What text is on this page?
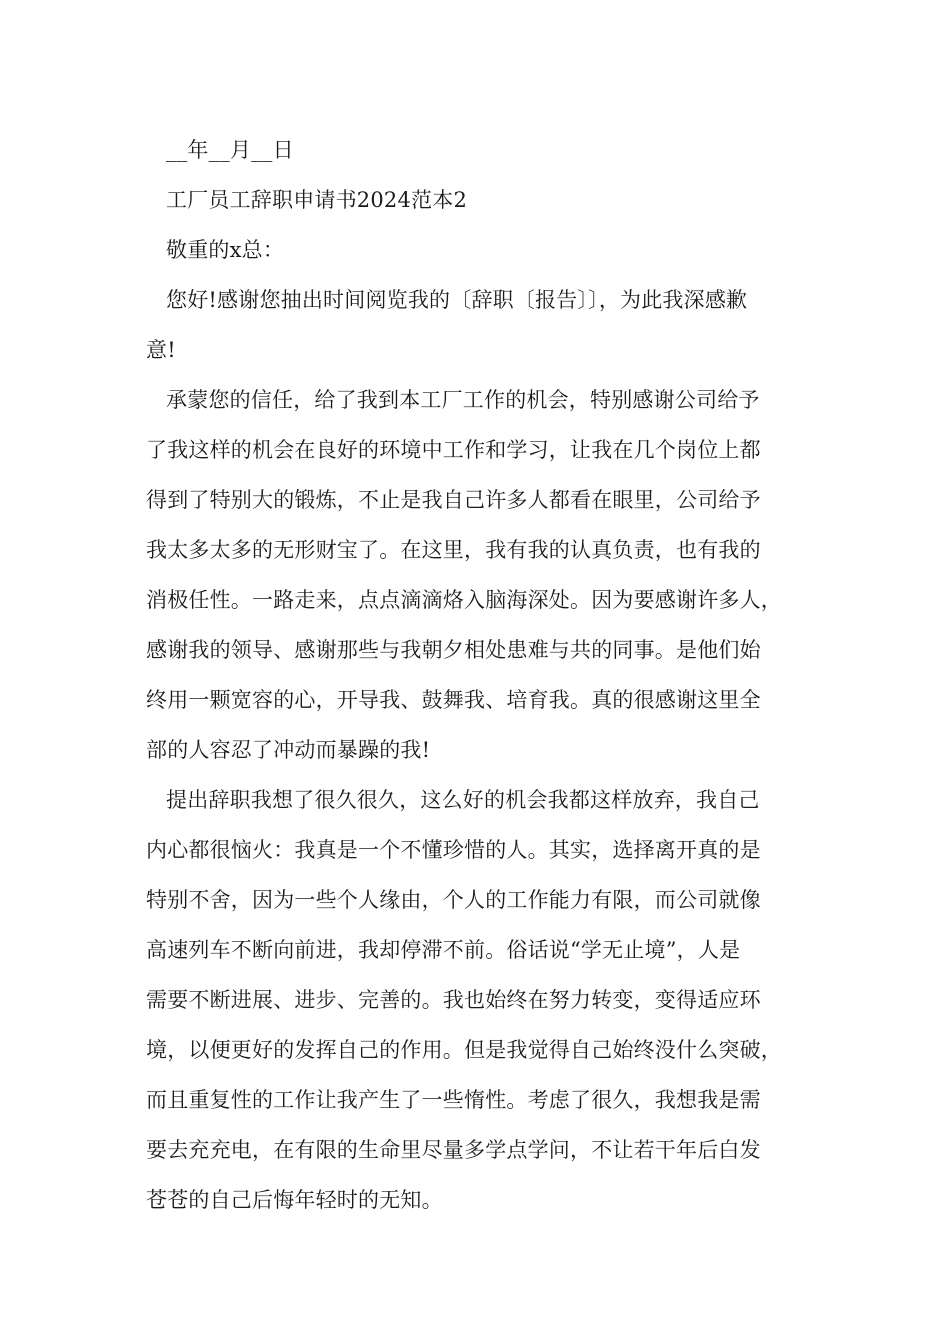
__年__月__日
工厂员工辞职申请书2024范本2
敬重的x总：
您好!感谢您抽出时间阅览我的〔辞职〔报告〕〕，为此我深感歉
意!
承蒙您的信任，给了我到本工厂工作的机会，特别感谢公司给予
了我这样的机会在良好的环境中工作和学习，让我在几个岗位上都
得到了特别大的锻炼，不止是我自己许多人都看在眼里，公司给予
我太多太多的无形财宝了。在这里，我有我的认真负责，也有我的
消极任性。一路走来，点点滴滴烙入脑海深处。因为要感谢许多人，
感谢我的领导、感谢那些与我朝夕相处患难与共的同事。是他们始
终用一颗宽容的心，开导我、鼓舞我、培育我。真的很感谢这里全
部的人容忍了冲动而暴躁的我!
提出辞职我想了很久很久，这么好的机会我都这样放弃，我自己
内心都很恼火：我真是一个不懂珍惜的人。其实，选择离开真的是
特别不舍，因为一些个人缘由，个人的工作能力有限，而公司就像
高速列车不断向前进，我却停滞不前。俗话说“学无止境”，人是
需要不断进展、进步、完善的。我也始终在努力转变，变得适应环
境，以便更好的发挥自己的作用。但是我觉得自己始终没什么突破，
而且重复性的工作让我产生了一些惰性。考虑了很久，我想我是需
要去充充电，在有限的生命里尽量多学点学问，不让若干年后白发
苍苍的自己后悔年轻时的无知。
